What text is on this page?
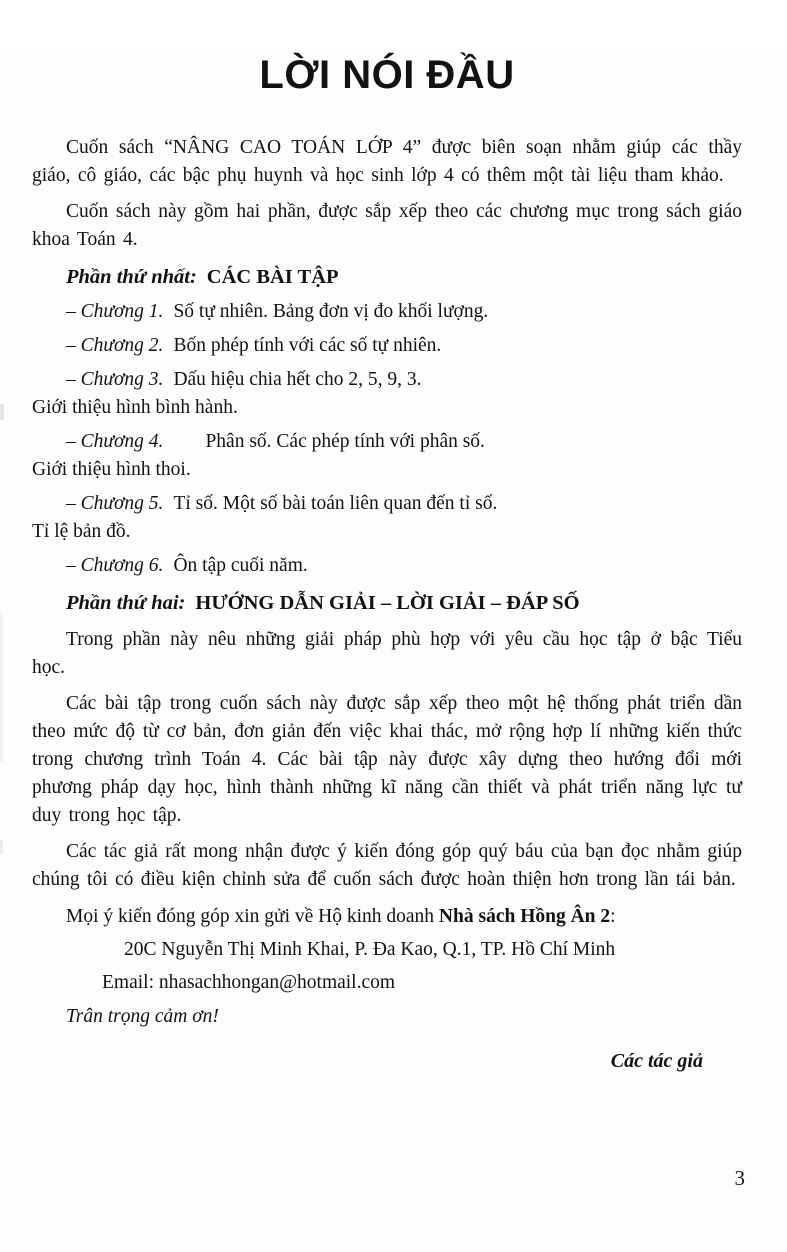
LỜI NÓI ĐẦU

Cuốn sách “NÂNG CAO TOÁN LỚP 4” được biên soạn nhằm giúp các thầy giáo, cô giáo, các bậc phụ huynh và học sinh lớp 4 có thêm một tài liệu tham khảo.

Cuốn sách này gồm hai phần, được sắp xếp theo các chương mục trong sách giáo khoa Toán 4.

Phần thứ nhất: CÁC BÀI TẬP
– Chương 1. Số tự nhiên. Bảng đơn vị đo khối lượng.
– Chương 2. Bốn phép tính với các số tự nhiên.
– Chương 3. Dấu hiệu chia hết cho 2, 5, 9, 3.
Giới thiệu hình bình hành.
– Chương 4. Phân số. Các phép tính với phân số.
Giới thiệu hình thoi.
– Chương 5. Tỉ số. Một số bài toán liên quan đến tỉ số.
Tỉ lệ bản đồ.
– Chương 6. Ôn tập cuối năm.
Phần thứ hai: HƯỚNG DẪN GIẢI – LỜI GIẢI – ĐÁP SỐ

Trong phần này nêu những giải pháp phù hợp với yêu cầu học tập ở bậc Tiểu học.

Các bài tập trong cuốn sách này được sắp xếp theo một hệ thống phát triển dần theo mức độ từ cơ bản, đơn giản đến việc khai thác, mở rộng hợp lí những kiến thức trong chương trình Toán 4. Các bài tập này được xây dựng theo hướng đổi mới phương pháp dạy học, hình thành những kĩ năng cần thiết và phát triển năng lực tư duy trong học tập.

Các tác giả rất mong nhận được ý kiến đóng góp quý báu của bạn đọc nhằm giúp chúng tôi có điều kiện chỉnh sửa để cuốn sách được hoàn thiện hơn trong lần tái bản.

Mọi ý kiến đóng góp xin gửi về Hộ kinh doanh Nhà sách Hồng Ân 2:
20C Nguyễn Thị Minh Khai, P. Đa Kao, Q.1, TP. Hồ Chí Minh
Email: nhasachhongan@hotmail.com
Trân trọng cảm ơn!
Các tác giả
3
